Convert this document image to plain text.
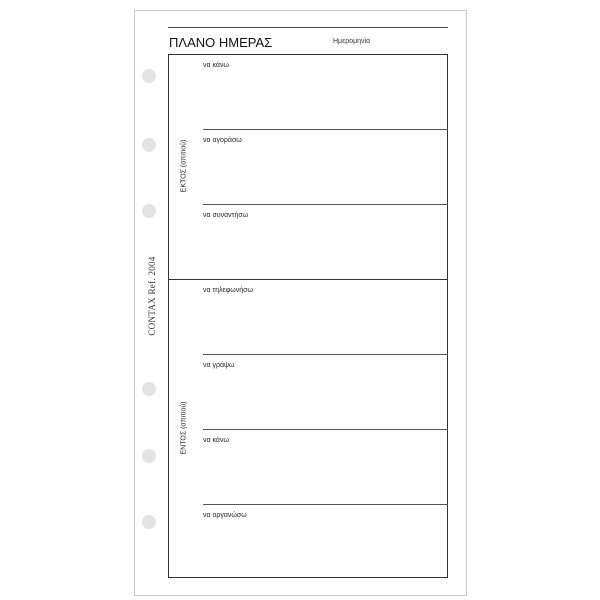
CONTAX Ref. 2004
ΠΛΑΝΟ ΗΜΕΡΑΣ	Ημερομηνία
ΕΚΤΟΣ (σπιτιού)
ΕΝΤΟΣ (σπιτιού)
να κάνω
να αγοράσω
να συναντήσω
να τηλεφωνήσω
να γράψω
να κάνω
να οργανώσω
